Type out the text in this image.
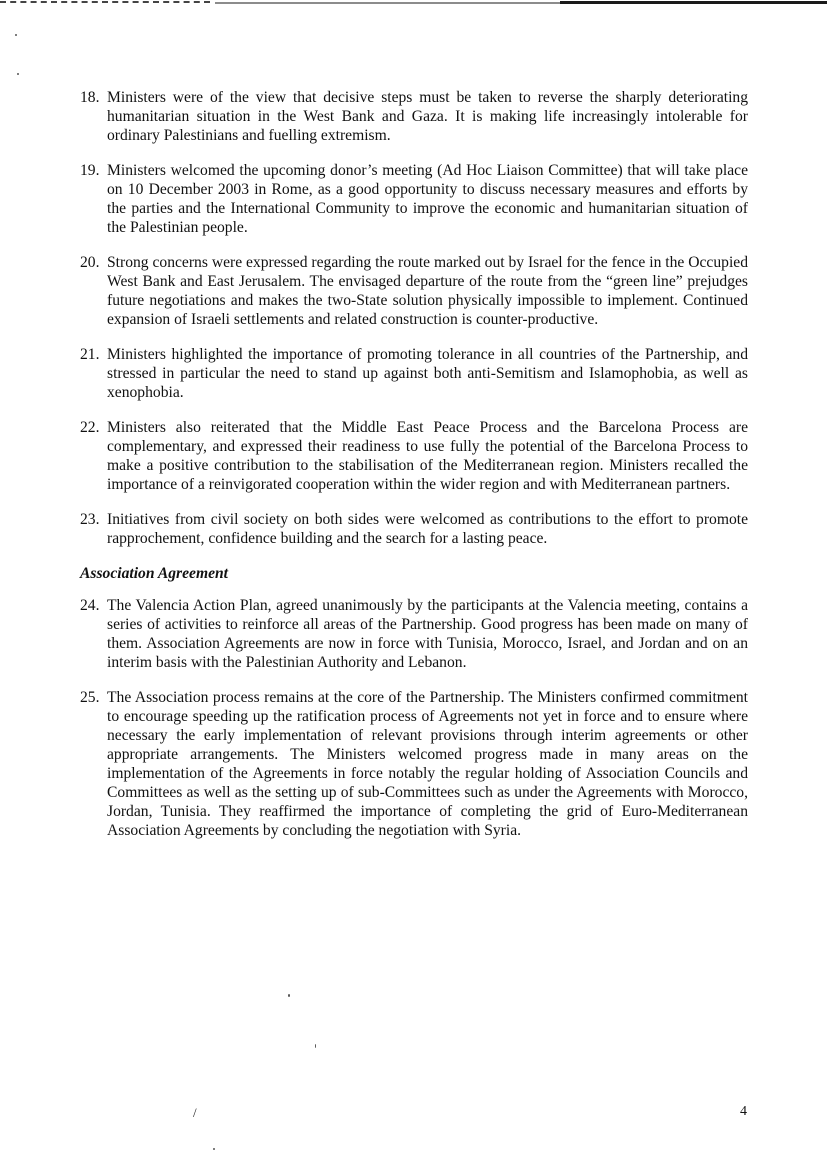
/
18. Ministers were of the view that decisive steps must be taken to reverse the sharply deteriorating humanitarian situation in the West Bank and Gaza. It is making life increasingly intolerable for ordinary Palestinians and fuelling extremism.
19. Ministers welcomed the upcoming donor’s meeting (Ad Hoc Liaison Committee) that will take place on 10 December 2003 in Rome, as a good opportunity to discuss necessary measures and efforts by the parties and the International Community to improve the economic and humanitarian situation of the Palestinian people.
20. Strong concerns were expressed regarding the route marked out by Israel for the fence in the Occupied West Bank and East Jerusalem. The envisaged departure of the route from the “green line” prejudges future negotiations and makes the two-State solution physically impossible to implement. Continued expansion of Israeli settlements and related construction is counter-productive.
21. Ministers highlighted the importance of promoting tolerance in all countries of the Partnership, and stressed in particular the need to stand up against both anti-Semitism and Islamophobia, as well as xenophobia.
22. Ministers also reiterated that the Middle East Peace Process and the Barcelona Process are complementary, and expressed their readiness to use fully the potential of the Barcelona Process to make a positive contribution to the stabilisation of the Mediterranean region. Ministers recalled the importance of a reinvigorated cooperation within the wider region and with Mediterranean partners.
23. Initiatives from civil society on both sides were welcomed as contributions to the effort to promote rapprochement, confidence building and the search for a lasting peace.
Association Agreement
24. The Valencia Action Plan, agreed unanimously by the participants at the Valencia meeting, contains a series of activities to reinforce all areas of the Partnership. Good progress has been made on many of them. Association Agreements are now in force with Tunisia, Morocco, Israel, and Jordan and on an interim basis with the Palestinian Authority and Lebanon.
25. The Association process remains at the core of the Partnership. The Ministers confirmed commitment to encourage speeding up the ratification process of Agreements not yet in force and to ensure where necessary the early implementation of relevant provisions through interim agreements or other appropriate arrangements. The Ministers welcomed progress made in many areas on the implementation of the Agreements in force notably the regular holding of Association Councils and Committees as well as the setting up of sub-Committees such as under the Agreements with Morocco, Jordan, Tunisia. They reaffirmed the importance of completing the grid of Euro-Mediterranean Association Agreements by concluding the negotiation with Syria.
4
